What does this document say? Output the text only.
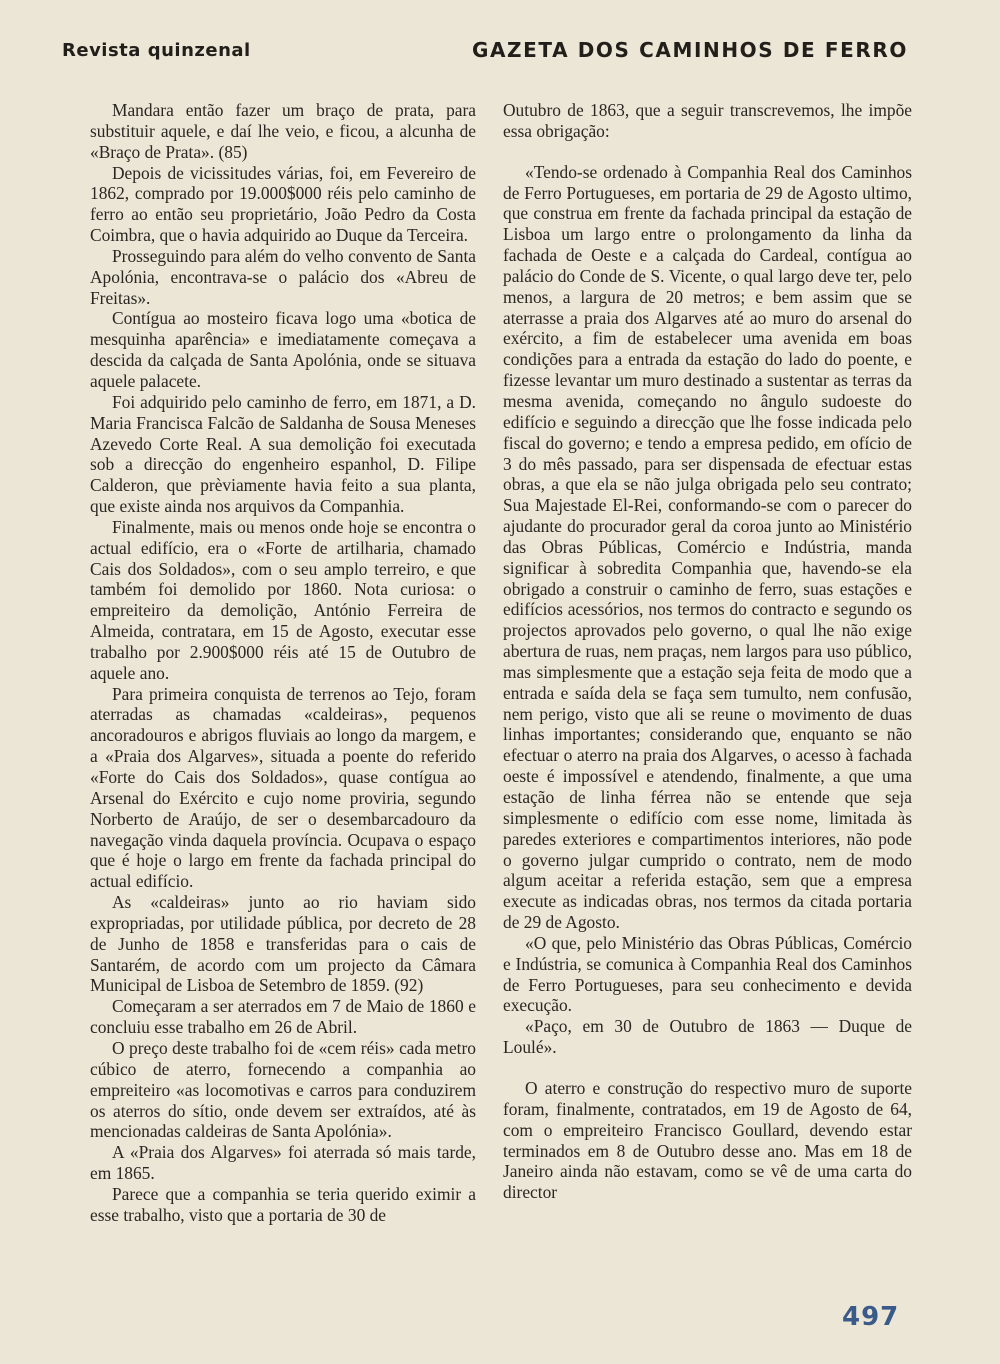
Revista quinzenal	GAZETA DOS CAMINHOS DE FERRO

Mandara então fazer um braço de prata, para substituir aquele, e daí lhe veio, e ficou, a alcunha de «Braço de Prata». (85)

Depois de vicissitudes várias, foi, em Fevereiro de 1862, comprado por 19.000$000 réis pelo caminho de ferro ao então seu proprietário, João Pedro da Costa Coimbra, que o havia adquirido ao Duque da Terceira.

Prosseguindo para além do velho convento de Santa Apolónia, encontrava-se o palácio dos «Abreu de Freitas».

Contígua ao mosteiro ficava logo uma «botica de mesquinha aparência» e imediatamente começava a descida da calçada de Santa Apolónia, onde se situava aquele palacete.

Foi adquirido pelo caminho de ferro, em 1871, a D. Maria Francisca Falcão de Saldanha de Sousa Meneses Azevedo Corte Real. A sua demolição foi executada sob a direcção do engenheiro espanhol, D. Filipe Calderon, que prèviamente havia feito a sua planta, que existe ainda nos arquivos da Companhia.

Finalmente, mais ou menos onde hoje se encontra o actual edifício, era o «Forte de artilharia, chamado Cais dos Soldados», com o seu amplo terreiro, e que também foi demolido por 1860. Nota curiosa: o empreiteiro da demolição, António Ferreira de Almeida, contratara, em 15 de Agosto, executar esse trabalho por 2.900$000 réis até 15 de Outubro de aquele ano.

Para primeira conquista de terrenos ao Tejo, foram aterradas as chamadas «caldeiras», pequenos ancoradouros e abrigos fluviais ao longo da margem, e a «Praia dos Algarves», situada a poente do referido «Forte do Cais dos Soldados», quase contígua ao Arsenal do Exército e cujo nome proviria, segundo Norberto de Araújo, de ser o desembarcadouro da navegação vinda daquela província. Ocupava o espaço que é hoje o largo em frente da fachada principal do actual edifício.

As «caldeiras» junto ao rio haviam sido expropriadas, por utilidade pública, por decreto de 28 de Junho de 1858 e transferidas para o cais de Santarém, de acordo com um projecto da Câmara Municipal de Lisboa de Setembro de 1859. (92)

Começaram a ser aterrados em 7 de Maio de 1860 e concluiu esse trabalho em 26 de Abril.

O preço deste trabalho foi de «cem réis» cada metro cúbico de aterro, fornecendo a companhia ao empreiteiro «as locomotivas e carros para conduzirem os aterros do sítio, onde devem ser extraídos, até às mencionadas caldeiras de Santa Apolónia».

A «Praia dos Algarves» foi aterrada só mais tarde, em 1865.

Parece que a companhia se teria querido eximir a esse trabalho, visto que a portaria de 30 de

Outubro de 1863, que a seguir transcrevemos, lhe impõe essa obrigação:

«Tendo-se ordenado à Companhia Real dos Caminhos de Ferro Portugueses, em portaria de 29 de Agosto ultimo, que construa em frente da fachada principal da estação de Lisboa um largo entre o prolongamento da linha da fachada de Oeste e a calçada do Cardeal, contígua ao palácio do Conde de S. Vicente, o qual largo deve ter, pelo menos, a largura de 20 metros; e bem assim que se aterrasse a praia dos Algarves até ao muro do arsenal do exército, a fim de estabelecer uma avenida em boas condições para a entrada da estação do lado do poente, e fizesse levantar um muro destinado a sustentar as terras da mesma avenida, começando no ângulo sudoeste do edifício e seguindo a direcção que lhe fosse indicada pelo fiscal do governo; e tendo a empresa pedido, em ofício de 3 do mês passado, para ser dispensada de efectuar estas obras, a que ela se não julga obrigada pelo seu contrato; Sua Majestade El-Rei, conformando-se com o parecer do ajudante do procurador geral da coroa junto ao Ministério das Obras Públicas, Comércio e Indústria, manda significar à sobredita Companhia que, havendo-se ela obrigado a construir o caminho de ferro, suas estações e edifícios acessórios, nos termos do contracto e segundo os projectos aprovados pelo governo, o qual lhe não exige abertura de ruas, nem praças, nem largos para uso público, mas simplesmente que a estação seja feita de modo que a entrada e saída dela se faça sem tumulto, nem confusão, nem perigo, visto que ali se reune o movimento de duas linhas importantes; considerando que, enquanto se não efectuar o aterro na praia dos Algarves, o acesso à fachada oeste é impossível e atendendo, finalmente, a que uma estação de linha férrea não se entende que seja simplesmente o edifício com esse nome, limitada às paredes exteriores e compartimentos interiores, não pode o governo julgar cumprido o contrato, nem de modo algum aceitar a referida estação, sem que a empresa execute as indicadas obras, nos termos da citada portaria de 29 de Agosto.

«O que, pelo Ministério das Obras Públicas, Comércio e Indústria, se comunica à Companhia Real dos Caminhos de Ferro Portugueses, para seu conhecimento e devida execução.

«Paço, em 30 de Outubro de 1863 — Duque de Loulé».

O aterro e construção do respectivo muro de suporte foram, finalmente, contratados, em 19 de Agosto de 64, com o empreiteiro Francisco Goullard, devendo estar terminados em 8 de Outubro desse ano. Mas em 18 de Janeiro ainda não estavam, como se vê de uma carta do director

497
